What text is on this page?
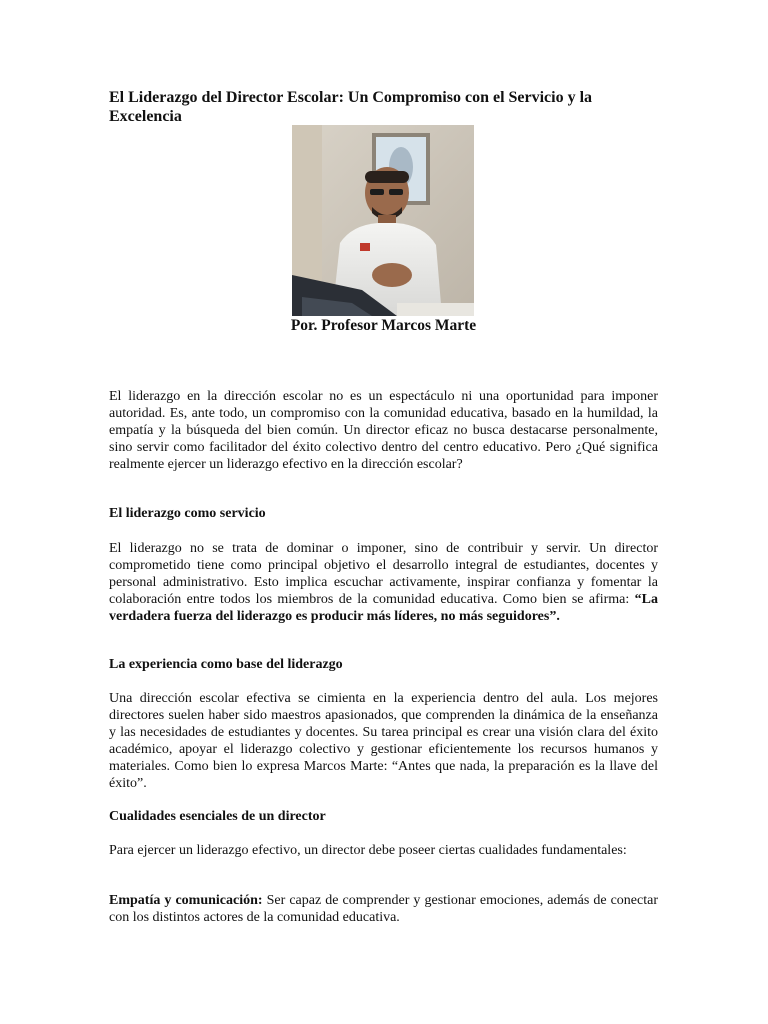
El Liderazgo del Director Escolar: Un Compromiso con el Servicio y la Excelencia

Por. Profesor Marcos Marte

El liderazgo en la dirección escolar no es un espectáculo ni una oportunidad para imponer autoridad. Es, ante todo, un compromiso con la comunidad educativa, basado en la humildad, la empatía y la búsqueda del bien común. Un director eficaz no busca destacarse personalmente, sino servir como facilitador del éxito colectivo dentro del centro educativo. Pero ¿Qué significa realmente ejercer un liderazgo efectivo en la dirección escolar?

El liderazgo como servicio

El liderazgo no se trata de dominar o imponer, sino de contribuir y servir. Un director comprometido tiene como principal objetivo el desarrollo integral de estudiantes, docentes y personal administrativo. Esto implica escuchar activamente, inspirar confianza y fomentar la colaboración entre todos los miembros de la comunidad educativa. Como bien se afirma: “La verdadera fuerza del liderazgo es producir más líderes, no más seguidores”.

La experiencia como base del liderazgo

Una dirección escolar efectiva se cimienta en la experiencia dentro del aula. Los mejores directores suelen haber sido maestros apasionados, que comprenden la dinámica de la enseñanza y las necesidades de estudiantes y docentes. Su tarea principal es crear una visión clara del éxito académico, apoyar el liderazgo colectivo y gestionar eficientemente los recursos humanos y materiales. Como bien lo expresa Marcos Marte: “Antes que nada, la preparación es la llave del éxito”.

Cualidades esenciales de un director

Para ejercer un liderazgo efectivo, un director debe poseer ciertas cualidades fundamentales:

Empatía y comunicación: Ser capaz de comprender y gestionar emociones, además de conectar con los distintos actores de la comunidad educativa.
